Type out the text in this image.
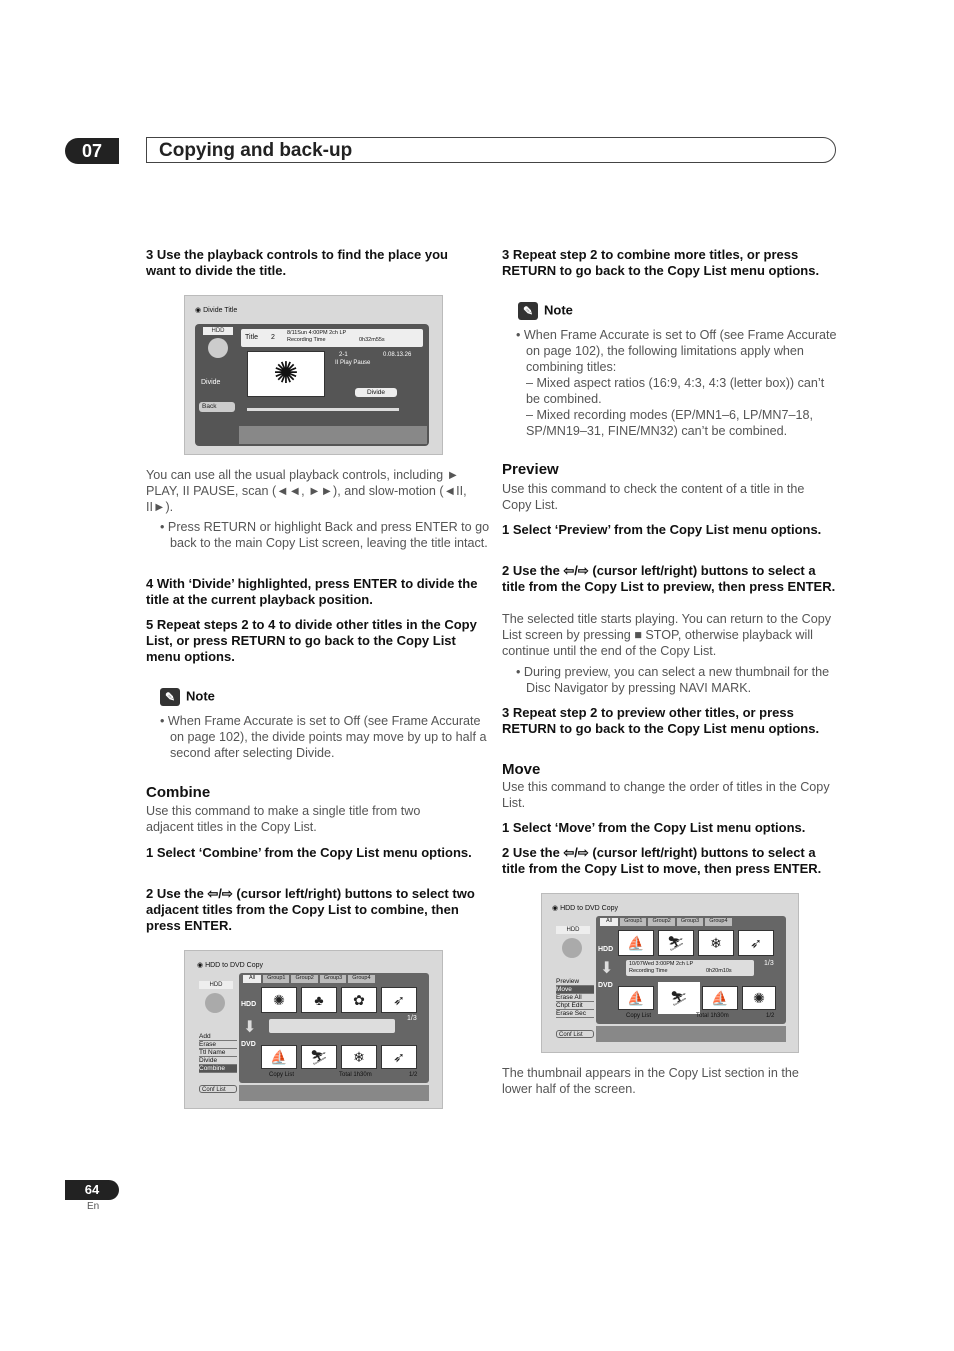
07	Copying and back-up
3 Use the playback controls to find the place you want to divide the title.
◉ Divide Title
HDD
Divide
Back
Title 2
8/11Sun 4:00PM 2ch LP
Recording Time	0h32m55s
✺
2-1	0.08.13.26
II Play Pause
Divide
You can use all the usual playback controls, including ► PLAY, II PAUSE, scan (◄◄, ►►), and slow-motion (◄II, II►).
• Press RETURN or highlight Back and press ENTER to go back to the main Copy List screen, leaving the title intact.
4 With ‘Divide’ highlighted, press ENTER to divide the title at the current playback position.
5 Repeat steps 2 to 4 to divide other titles in the Copy List, or press RETURN to go back to the Copy List menu options.
✎ Note
• When Frame Accurate is set to Off (see Frame Accurate on page 102), the divide points may move by up to half a second after selecting Divide.
Combine
Use this command to make a single title from two adjacent titles in the Copy List.
1 Select ‘Combine’ from the Copy List menu options.
2 Use the ⇦/⇨ (cursor left/right) buttons to select two adjacent titles from the Copy List to combine, then press ENTER.
◉ HDD to DVD Copy
HDD
Add
Erase
Ttl Name
Divide
Combine
Conf List
All	Group1	Group2	Group3	Group4
HDD	✺	♣	✿	➶
1/3
⬇
DVD
⛵	⛷	❄	➶
Copy List	Total 1h30m	1/2
3 Repeat step 2 to combine more titles, or press RETURN to go back to the Copy List menu options.
✎ Note
• When Frame Accurate is set to Off (see Frame Accurate on page 102), the following limitations apply when combining titles:
– Mixed aspect ratios (16:9, 4:3, 4:3 (letter box)) can’t be combined.
– Mixed recording modes (EP/MN1–6, LP/MN7–18, SP/MN19–31, FINE/MN32) can’t be combined.
Preview
Use this command to check the content of a title in the Copy List.
1 Select ‘Preview’ from the Copy List menu options.
2 Use the ⇦/⇨ (cursor left/right) buttons to select a title from the Copy List to preview, then press ENTER.
The selected title starts playing. You can return to the Copy List screen by pressing ■ STOP, otherwise playback will continue until the end of the Copy List.
• During preview, you can select a new thumbnail for the Disc Navigator by pressing NAVI MARK.
3 Repeat step 2 to preview other titles, or press RETURN to go back to the Copy List menu options.
Move
Use this command to change the order of titles in the Copy List.
1 Select ‘Move’ from the Copy List menu options.
2 Use the ⇦/⇨ (cursor left/right) buttons to select a title from the Copy List to move, then press ENTER.
◉ HDD to DVD Copy
HDD
Preview
Move
Erase All
Chpt Edit
Erase Sec
Conf List
All	Group1	Group2	Group3	Group4
HDD	⛵	⛷	❄	➶
⬇	10/07Wed 3:00PM 2ch LP
Recording Time	0h20m10s
1/3
DVD
⛵	⛷	⛵	✺
Copy List	Total 1h30m	1/2
The thumbnail appears in the Copy List section in the lower half of the screen.
64
En
